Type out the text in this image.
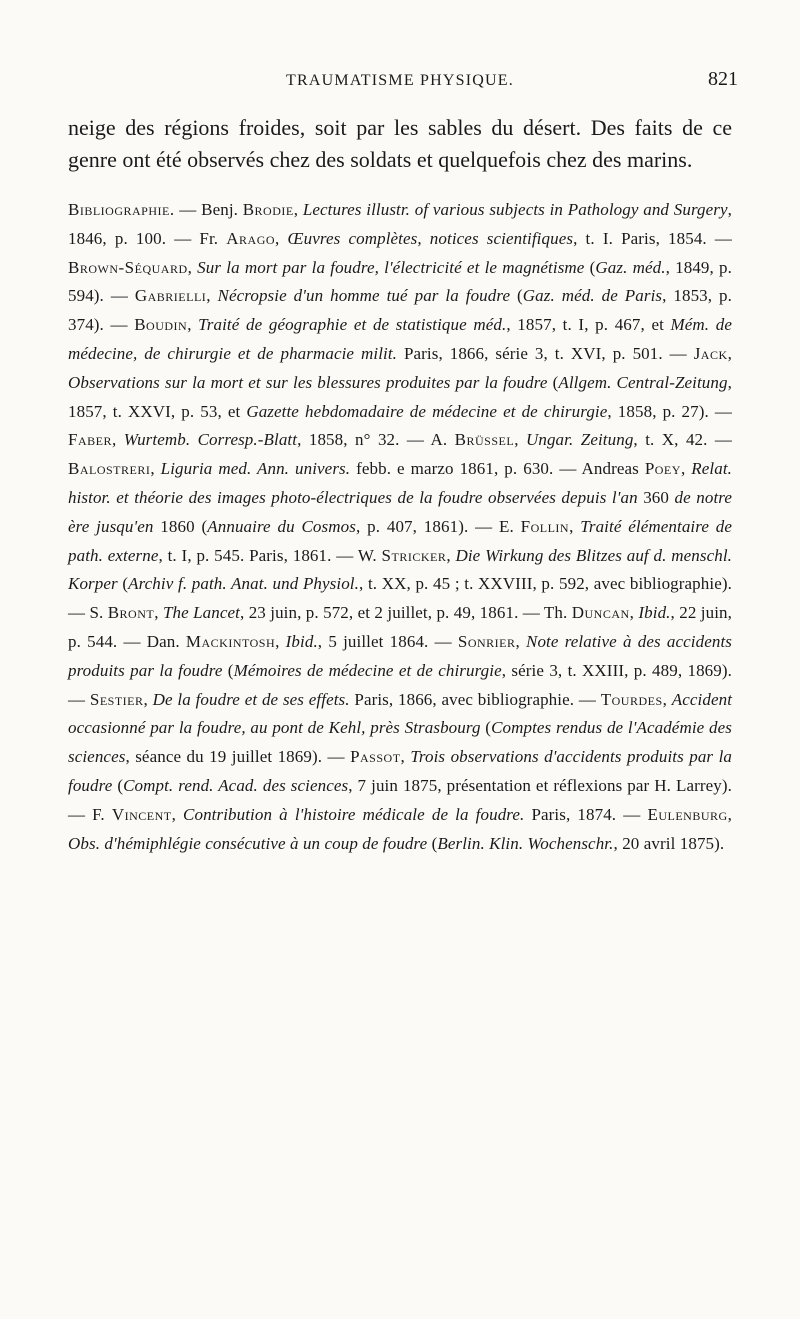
TRAUMATISME PHYSIQUE.	821

neige des régions froides, soit par les sables du désert. Des faits de ce genre ont été observés chez des soldats et quelquefois chez des marins.

Bibliographie. — Benj. Brodie, Lectures illustr. of various subjects in Pathology and Surgery, 1846, p. 100. — Fr. Arago, Œuvres complètes, notices scientifiques, t. I. Paris, 1854. — Brown-Séquard, Sur la mort par la foudre, l'électricité et le magnétisme (Gaz. méd., 1849, p. 594). — Gabrielli, Nécropsie d'un homme tué par la foudre (Gaz. méd. de Paris, 1853, p. 374). — Boudin, Traité de géographie et de statistique méd., 1857, t. I, p. 467, et Mém. de médecine, de chirurgie et de pharmacie milit. Paris, 1866, série 3, t. XVI, p. 501. — Jack, Observations sur la mort et sur les blessures produites par la foudre (Allgem. Central-Zeitung, 1857, t. XXVI, p. 53, et Gazette hebdomadaire de médecine et de chirurgie, 1858, p. 27). — Faber, Wurtemb. Corresp.-Blatt, 1858, n° 32. — A. Brüssel, Ungar. Zeitung, t. X, 42. — Balostreri, Liguria med. Ann. univers. febb. e marzo 1861, p. 630. — Andreas Poey, Relat. histor. et théorie des images photo-électriques de la foudre observées depuis l'an 360 de notre ère jusqu'en 1860 (Annuaire du Cosmos, p. 407, 1861). — E. Follin, Traité élémentaire de path. externe, t. I, p. 545. Paris, 1861. — W. Stricker, Die Wirkung des Blitzes auf d. menschl. Korper (Archiv f. path. Anat. und Physiol., t. XX, p. 45 ; t. XXVIII, p. 592, avec bibliographie). — S. Bront, The Lancet, 23 juin, p. 572, et 2 juillet, p. 49, 1861. — Th. Duncan, Ibid., 22 juin, p. 544. — Dan. Mackintosh, Ibid., 5 juillet 1864. — Sonrier, Note relative à des accidents produits par la foudre (Mémoires de médecine et de chirurgie, série 3, t. XXIII, p. 489, 1869). — Sestier, De la foudre et de ses effets. Paris, 1866, avec bibliographie. — Tourdes, Accident occasionné par la foudre, au pont de Kehl, près Strasbourg (Comptes rendus de l'Académie des sciences, séance du 19 juillet 1869). — Passot, Trois observations d'accidents produits par la foudre (Compt. rend. Acad. des sciences, 7 juin 1875, présentation et réflexions par H. Larrey). — F. Vincent, Contribution à l'histoire médicale de la foudre. Paris, 1874. — Eulenburg, Obs. d'hémiphlégie consécutive à un coup de foudre (Berlin. Klin. Wochenschr., 20 avril 1875).
